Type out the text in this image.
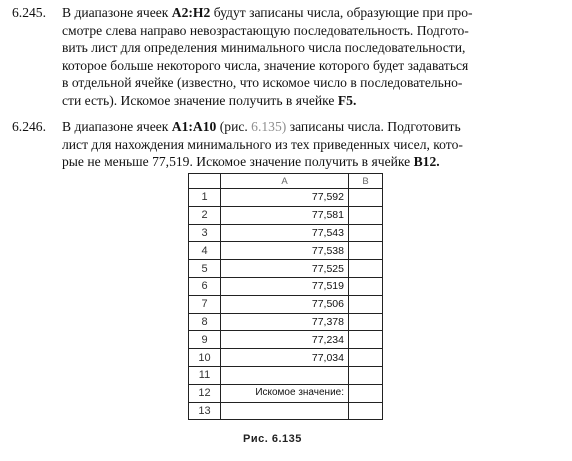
6.245. В диапазоне ячеек A2:H2 будут записаны числа, образующие при про-
смотре слева направо невозрастающую последовательность. Подгото-
вить лист для определения минимального числа последовательности,
которое больше некоторого числа, значение которого будет задаваться
в отдельной ячейке (известно, что искомое число в последовательно-
сти есть). Искомое значение получить в ячейке F5.
6.246. В диапазоне ячеек A1:A10 (рис. 6.135) записаны числа. Подготовить
лист для нахождения минимального из тех приведенных чисел, кото-
рые не меньше 77,519. Искомое значение получить в ячейке B12.
	A	B
1	77,592	
2	77,581	
3	77,543	
4	77,538	
5	77,525	
6	77,519	
7	77,506	
8	77,378	
9	77,234	
10	77,034	
11		
12	Искомое значение:	
13		
Рис. 6.135
